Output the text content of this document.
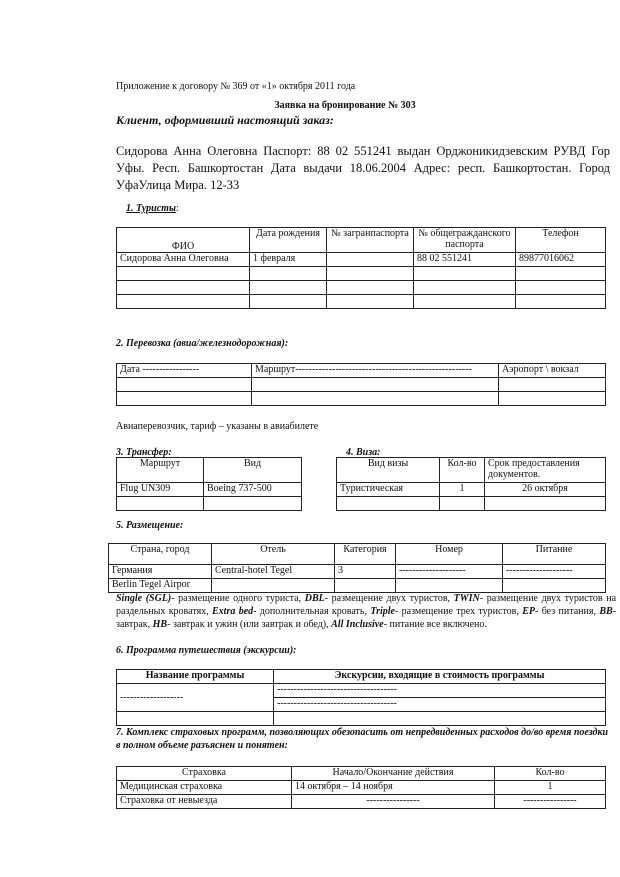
Приложение к договору № 369 от «1» октября 2011 года
Заявка на бронирование № 303
Клиент, оформивший настоящий заказ:
Сидорова Анна Олеговна Паспорт: 88 02 551241 выдан Орджоникидзевским РУВД Гор Уфы. Респ. Башкортостан Дата выдачи 18.06.2004 Адрес: респ. Башкортостан. Город УфаУлица Мира. 12-33
1. Туристы:
ФИО	Дата рождения	№ загранпаспорта	№ общегражданского паспорта	Телефон
Сидорова Анна Олеговна	1 февраля		88 02 551241	89877016062

2. Перевозка (авиа/железнодорожная):
Дата -----------------	Маршрут-----------------------------------------------------	Аэропорт \ вокзал

Авиаперевозчик, тариф – указаны в авиабилете
3. Трансфер:
Маршрут	Вид
Flug UN309	Boeing 737-500

4. Виза:
Вид визы	Кол-во	Срок предоставления документов.
Туристическая	1	26 октября

5. Размещение:
Страна, город	Отель	Категория	Номер	Питание
Германия	Central-hotel Tegel	3	--------------------	--------------------
Berlin Tegel Airpor				
Single (SGL)- размещение одного туриста, DBL- размещение двух туристов, TWIN- размещение двух туристов на раздельных кроватях, Extra bed- дополнительная кровать, Triple- размещение трех туристов, EP- без питания, BB- завтрак, HB- завтрак и ужин (или завтрак и обед), All Inclusive- питание все включено.
6. Программа путешествия (экскурсии):
Название программы	Экскурсии, входящие в стоимость программы
-------------------	------------------------------------
	------------------------------------

7. Комплекс страховых программ, позволяющих обезопасить от непредвиденных расходов до/во время поездки в полном объеме разъяснен и понятен:
Страховка	Начало/Окончание действия	Кол-во
Медицинская страховка	14 октября – 14 ноября	1
Страховка от невыезда	----------------	----------------
